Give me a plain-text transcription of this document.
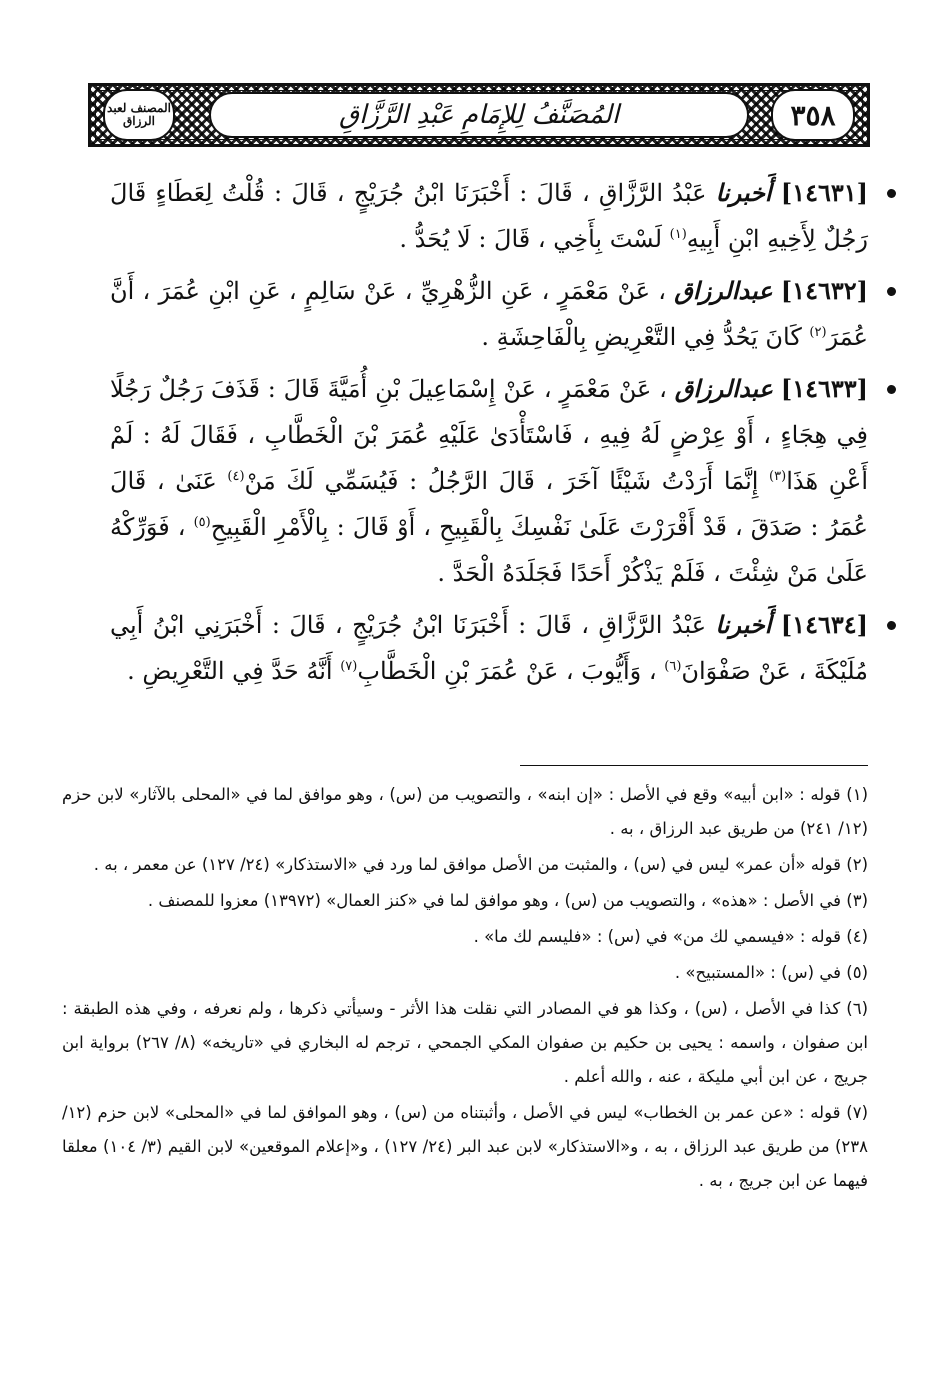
٣٥٨
المُصَنَّفُ لِلإِمَامِ عَبْدِ الرَّزَّاقِ
المصنف لعبد الرزاق

[١٤٦٣١] أَخبرنا عَبْدُ الرَّزَّاقِ ، قَالَ : أَخْبَرَنَا ابْنُ جُرَيْجٍ ، قَالَ : قُلْتُ لِعَطَاءٍ قَالَ رَجُلٌ لِأَخِيهِ ابْنِ أَبِيهِ$^{(١)}$ لَسْتَ بِأَخِي ، قَالَ : لَا يُحَدُّ .

[١٤٦٣٢] عبدالرزاق ، عَنْ مَعْمَرٍ ، عَنِ الزُّهْرِيِّ ، عَنْ سَالِمٍ ، عَنِ ابْنِ عُمَرَ ، أَنَّ عُمَرَ$^{(٢)}$ كَانَ يَحُدُّ فِي التَّعْرِيضِ بِالْفَاحِشَةِ .

[١٤٦٣٣] عبدالرزاق ، عَنْ مَعْمَرٍ ، عَنْ إِسْمَاعِيلَ بْنِ أُمَيَّةَ قَالَ : قَذَفَ رَجُلٌ رَجُلًا فِي هِجَاءٍ ، أَوْ عِرْضٍ لَهُ فِيهِ ، فَاسْتَأْدَىٰ عَلَيْهِ عُمَرَ بْنَ الْخَطَّابِ ، فَقَالَ لَهُ : لَمْ أَعْنِ هَذَا$^{(٣)}$ إِنَّمَا أَرَدْتُ شَيْئًا آخَرَ ، قَالَ الرَّجُلُ : فَيُسَمِّي لَكَ مَنْ$^{(٤)}$ عَنَىٰ ، قَالَ عُمَرُ : صَدَقَ ، قَدْ أَقْرَرْتَ عَلَىٰ نَفْسِكَ بِالْقَبِيحِ ، أَوْ قَالَ : بِالْأَمْرِ الْقَبِيحِ$^{(٥)}$ ، فَوَرِّكْهُ عَلَىٰ مَنْ شِئْتَ ، فَلَمْ يَذْكُرْ أَحَدًا فَجَلَدَهُ الْحَدَّ .

[١٤٦٣٤] أَخبرنا عَبْدُ الرَّزَّاقِ ، قَالَ : أَخْبَرَنَا ابْنُ جُرَيْجٍ ، قَالَ : أَخْبَرَنِي ابْنُ أَبِي مُلَيْكَةَ ، عَنْ صَفْوَانَ$^{(٦)}$ ، وَأَيُّوبَ ، عَنْ عُمَرَ بْنِ الْخَطَّابِ$^{(٧)}$ أَنَّهُ حَدَّ فِي التَّعْرِيضِ .

(١) قوله : «ابن أبيه» وقع في الأصل : «إن ابنه» ، والتصويب من (س) ، وهو موافق لما في «المحلى بالآثار» لابن حزم (١٢/ ٢٤١) من طريق عبد الرزاق ، به .

(٢) قوله «أن عمر» ليس في (س) ، والمثبت من الأصل موافق لما ورد في «الاستذكار» (٢٤/ ١٢٧) عن معمر ، به .

(٣) في الأصل : «هذه» ، والتصويب من (س) ، وهو موافق لما في «كنز العمال» (١٣٩٧٢) معزوا للمصنف .

(٤) قوله : «فيسمي لك من» في (س) : «فليسم لك ما» .

(٥) في (س) : «المستبيح» .

(٦) كذا في الأصل ، (س) ، وكذا هو في المصادر التي نقلت هذا الأثر - وسيأتي ذكرها ، ولم نعرفه ، وفي هذه الطبقة : ابن صفوان ، واسمه : يحيى بن حكيم بن صفوان المكي الجمحي ، ترجم له البخاري في «تاريخه» (٨/ ٢٦٧) برواية ابن جريج ، عن ابن أبي مليكة ، عنه ، والله أعلم .

(٧) قوله : «عن عمر بن الخطاب» ليس في الأصل ، وأثبتناه من (س) ، وهو الموافق لما في «المحلى» لابن حزم (١٢/ ٢٣٨) من طريق عبد الرزاق ، به ، و«الاستذكار» لابن عبد البر (٢٤/ ١٢٧) ، و«إعلام الموقعين» لابن القيم (٣/ ١٠٤) معلقا فيهما عن ابن جريج ، به .
